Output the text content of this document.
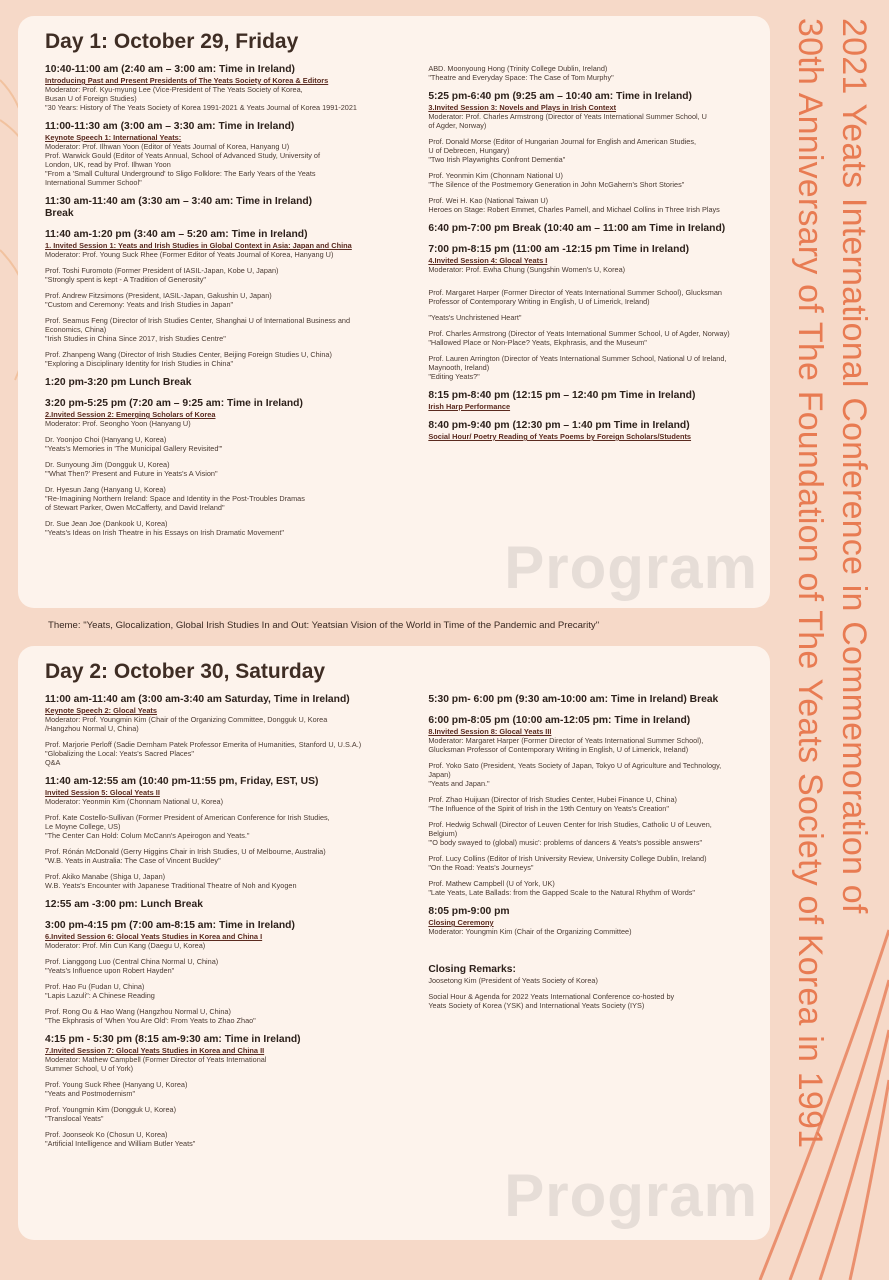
Program
Day 1: October 29, Friday
10:40-11:00 am (2:40 am – 3:00 am: Time in Ireland)
Introducing Past and Present Presidents of The Yeats Society of Korea & Editors
Moderator: Prof. Kyu-myung Lee (Vice-President of The Yeats Society of Korea,
Busan U of Foreign Studies)
"30 Years: History of The Yeats Society of Korea 1991-2021 & Yeats Journal of Korea 1991-2021
11:00-11:30 am (3:00 am – 3:30 am: Time in Ireland)
Keynote Speech 1: International Yeats:
Moderator: Prof. Ilhwan Yoon (Editor of Yeats Journal of Korea, Hanyang U)
Prof. Warwick Gould (Editor of Yeats Annual, School of Advanced Study, University of
London, UK, read by Prof. Ilhwan Yoon
"From a 'Small Cultural Underground' to Sligo Folklore: The Early Years of the Yeats
International Summer School"
11:30 am-11:40 am (3:30 am – 3:40 am: Time in Ireland)
Break
11:40 am-1:20 pm (3:40 am – 5:20 am: Time in Ireland)
1. Invited Session 1: Yeats and Irish Studies in Global Context in Asia: Japan and China
Moderator: Prof. Young Suck Rhee (Former Editor of Yeats Journal of Korea, Hanyang U)
Prof. Toshi Furomoto (Former President of IASIL-Japan, Kobe U, Japan)
"Strongly spent is kept - A Tradition of Generosity"
Prof. Andrew Fitzsimons (President, IASIL-Japan, Gakushin U, Japan)
"Custom and Ceremony: Yeats and Irish Studies in Japan"
Prof. Seamus Feng (Director of Irish Studies Center, Shanghai U of International Business and
Economics, China)
"Irish Studies in China Since 2017, Irish Studies Centre"
Prof. Zhanpeng Wang (Director of Irish Studies Center, Beijing Foreign Studies U, China)
"Exploring a Disciplinary Identity for Irish Studies in China"
1:20 pm-3:20 pm Lunch Break
3:20 pm-5:25 pm (7:20 am – 9:25 am: Time in Ireland)
2.Invited Session 2: Emerging Scholars of Korea
Moderator: Prof. Seongho Yoon (Hanyang U)
Dr. Yoonjoo Choi (Hanyang U, Korea)
"Yeats's Memories in 'The Municipal Gallery Revisited'"
Dr. Sunyoung Jim (Dongguk U, Korea)
"'What Then?' Present and Future in Yeats's A Vision"
Dr. Hyesun Jang (Hanyang U, Korea)
"Re-Imagining Northern Ireland: Space and Identity in the Post-Troubles Dramas
of Stewart Parker, Owen McCafferty, and David Ireland"
Dr. Sue Jean Joe (Dankook U, Korea)
"Yeats's Ideas on Irish Theatre in his Essays on Irish Dramatic Movement"
ABD. Moonyoung Hong (Trinity College Dublin, Ireland)
"Theatre and Everyday Space: The Case of Tom Murphy"
5:25 pm-6:40 pm (9:25 am – 10:40 am: Time in Ireland)
3.Invited Session 3: Novels and Plays in Irish Context
Moderator: Prof. Charles Armstrong (Director of Yeats International Summer School, U
of Agder, Norway)
Prof. Donald Morse (Editor of Hungarian Journal for English and American Studies,
U of Debrecen, Hungary)
"Two Irish Playwrights Confront Dementia"
Prof. Yeonmin Kim (Chonnam National U)
"The Silence of the Postmemory Generation in John McGahern's Short Stories"
Prof. Wei H. Kao (National Taiwan U)
Heroes on Stage: Robert Emmet, Charles Parnell, and Michael Collins in Three Irish Plays
6:40 pm-7:00 pm Break (10:40 am – 11:00 am Time in Ireland)
7:00 pm-8:15 pm (11:00 am -12:15 pm Time in Ireland)
4.Invited Session 4: Glocal Yeats I
Moderator: Prof. Ewha Chung (Sungshin Women's U, Korea)
Prof. Margaret Harper (Former Director of Yeats International Summer School), Glucksman
Professor of Contemporary Writing in English, U of Limerick, Ireland)
"Yeats's Unchristened Heart"
Prof. Charles Armstrong (Director of Yeats International Summer School, U of Agder, Norway)
"Hallowed Place or Non-Place? Yeats, Ekphrasis, and the Museum"
Prof. Lauren Arrington (Director of Yeats International Summer School, National U of Ireland,
Maynooth, Ireland)
"Editing Yeats?"
8:15 pm-8:40 pm (12:15 pm – 12:40 pm Time in Ireland)
Irish Harp Performance
8:40 pm-9:40 pm (12:30 pm – 1:40 pm Time in Ireland)
Social Hour/ Poetry Reading of Yeats Poems by Foreign Scholars/Students
Theme: "Yeats, Glocalization, Global Irish Studies In and Out: Yeatsian Vision of the World in Time of the Pandemic and Precarity"
Program
Day 2: October 30, Saturday
11:00 am-11:40 am (3:00 am-3:40 am Saturday, Time in Ireland)
Keynote Speech 2: Glocal Yeats
Moderator: Prof. Youngmin Kim (Chair of the Organizing Committee, Dongguk U, Korea
/Hangzhou Normal U, China)
Prof. Marjorie Perloff (Sadie Dernham Patek Professor Emerita of Humanities, Stanford U, U.S.A.)
"Globalizing the Local: Yeats's Sacred Places"
Q&A
11:40 am-12:55 am (10:40 pm-11:55 pm, Friday, EST, US)
Invited Session 5: Glocal Yeats II
Moderator: Yeonmin Kim (Chonnam National U, Korea)
Prof. Kate Costello-Sullivan (Former President of American Conference for Irish Studies,
Le Moyne College, US)
"The Center Can Hold: Colum McCann's Apeirogon and Yeats."
Prof. Rónán McDonald (Gerry Higgins Chair in Irish Studies, U of Melbourne, Australia)
"W.B. Yeats in Australia: The Case of Vincent Buckley"
Prof. Akiko Manabe (Shiga U, Japan)
W.B. Yeats's Encounter with Japanese Traditional Theatre of Noh and Kyogen
12:55 am -3:00 pm: Lunch Break
3:00 pm-4:15 pm (7:00 am-8:15 am: Time in Ireland)
6.Invited Session 6: Glocal Yeats Studies in Korea and China I
Moderator: Prof. Min Cun Kang (Daegu U, Korea)
Prof. Lianggong Luo (Central China Normal U, China)
"Yeats's Influence upon Robert Hayden"
Prof. Hao Fu (Fudan U, China)
"Lapis Lazuli": A Chinese Reading
Prof. Rong Ou & Hao Wang (Hangzhou Normal U, China)
"The Ekphrasis of 'When You Are Old': From Yeats to Zhao Zhao"
4:15 pm - 5:30 pm (8:15 am-9:30 am: Time in Ireland)
7.Invited Session 7: Glocal Yeats Studies in Korea and China II
Moderator: Mathew Campbell (Former Director of Yeats International
Summer School, U of York)
Prof. Young Suck Rhee (Hanyang U, Korea)
"Yeats and Postmodernism"
Prof. Youngmin Kim (Dongguk U, Korea)
"Translocal Yeats"
Prof. Joonseok Ko (Chosun U, Korea)
"Artificial Intelligence and William Butler Yeats"
5:30 pm- 6:00 pm (9:30 am-10:00 am: Time in Ireland) Break
6:00 pm-8:05 pm (10:00 am-12:05 pm: Time in Ireland)
8.Invited Session 8: Glocal Yeats III
Moderator: Margaret Harper (Former Director of Yeats International Summer School),
Glucksman Professor of Contemporary Writing in English, U of Limerick, Ireland)
Prof. Yoko Sato (President, Yeats Society of Japan, Tokyo U of Agriculture and Technology,
Japan)
"Yeats and Japan."
Prof. Zhao Huijuan (Director of Irish Studies Center, Hubei Finance U, China)
"The Influence of the Spirit of Irish in the 19th Century on Yeats's Creation"
Prof. Hedwig Schwall (Director of Leuven Center for Irish Studies, Catholic U of Leuven,
Belgium)
"'O body swayed to (global) music': problems of dancers & Yeats's possible answers"
Prof. Lucy Collins (Editor of Irish University Review, University College Dublin, Ireland)
"On the Road: Yeats's Journeys"
Prof. Mathew Campbell (U of York, UK)
"Late Yeats, Late Ballads: from the Gapped Scale to the Natural Rhythm of Words"
8:05 pm-9:00 pm
Closing Ceremony
Moderator: Youngmin Kim (Chair of the Organizing Committee)
Closing Remarks:
Joosetong Kim (President of Yeats Society of Korea)
Social Hour & Agenda for 2022 Yeats International Conference co-hosted by
Yeats Society of Korea (YSK) and International Yeats Society (IYS)
2021 Yeats International Conference in Commemoration of
30th Anniversary of The Foundation of The Yeats Society of Korea in 1991
